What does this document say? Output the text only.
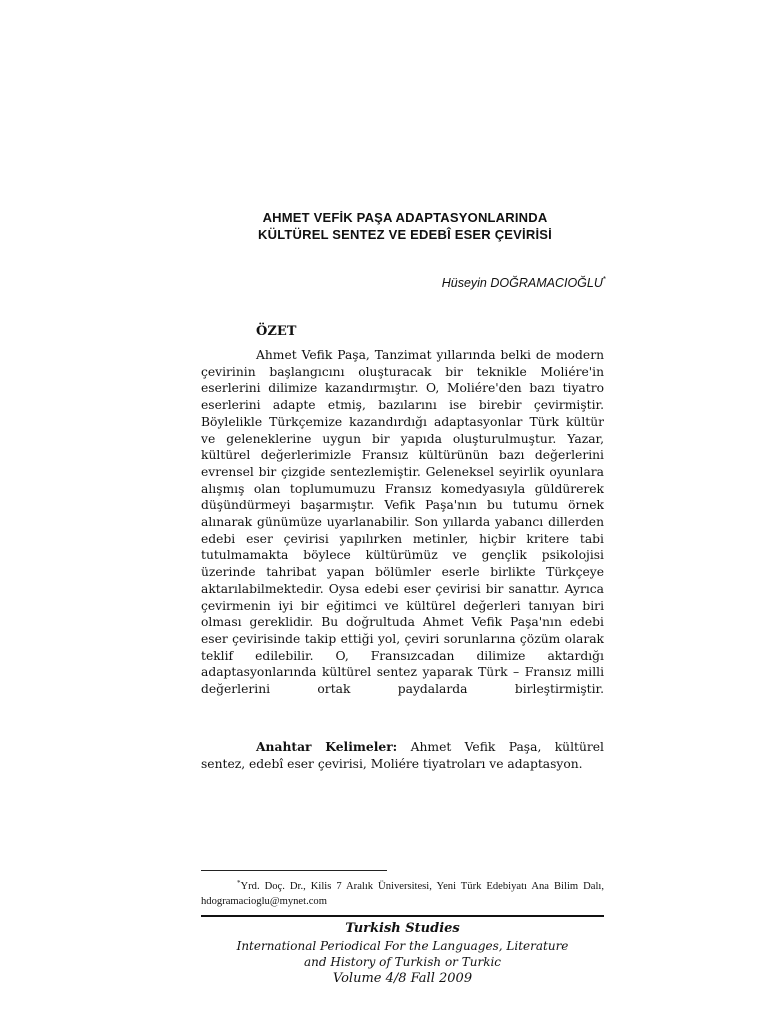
AHMET VEFİK PAŞA ADAPTASYONLARINDA
KÜLTÜREL SENTEZ VE EDEBÎ ESER ÇEVİRİSİ
Hüseyin DOĞRAMACIOĞLU*
ÖZET

Ahmet Vefik Paşa, Tanzimat yıllarında belki de modern çevirinin başlangıcını oluşturacak bir teknikle Moliére'in eserlerini dilimize kazandırmıştır. O, Moliére'den bazı tiyatro eserlerini adapte etmiş, bazılarını ise birebir çevirmiştir. Böylelikle Türkçemize kazandırdığı adaptasyonlar Türk kültür ve geleneklerine uygun bir yapıda oluşturulmuştur. Yazar, kültürel değerlerimizle Fransız kültürünün bazı değerlerini evrensel bir çizgide sentezlemiştir. Geleneksel seyirlik oyunlara alışmış olan toplumumuzu Fransız komedyasıyla güldürerek düşündürmeyi başarmıştır. Vefik Paşa'nın bu tutumu örnek alınarak günümüze uyarlanabilir. Son yıllarda yabancı dillerden edebi eser çevirisi yapılırken metinler, hiçbir kritere tabi tutulmamakta böylece kültürümüz ve gençlik psikolojisi üzerinde tahribat yapan bölümler eserle birlikte Türkçeye aktarılabilmektedir. Oysa edebi eser çevirisi bir sanattır. Ayrıca çevirmenin iyi bir eğitimci ve kültürel değerleri tanıyan biri olması gereklidir. Bu doğrultuda Ahmet Vefik Paşa'nın edebi eser çevirisinde takip ettiği yol, çeviri sorunlarına çözüm olarak teklif edilebilir. O, Fransızcadan dilimize aktardığı adaptasyonlarında kültürel sentez yaparak Türk – Fransız milli değerlerini ortak paydalarda birleştirmiştir.

Anahtar Kelimeler: Ahmet Vefik Paşa, kültürel sentez, edebî eser çevirisi, Moliére tiyatroları ve adaptasyon.

*Yrd. Doç. Dr., Kilis 7 Aralık Üniversitesi, Yeni Türk Edebiyatı Ana Bilim Dalı, hdogramacioglu@mynet.com

Turkish Studies
International Periodical For the Languages, Literature
and History of Turkish or Turkic
Volume 4/8 Fall 2009
